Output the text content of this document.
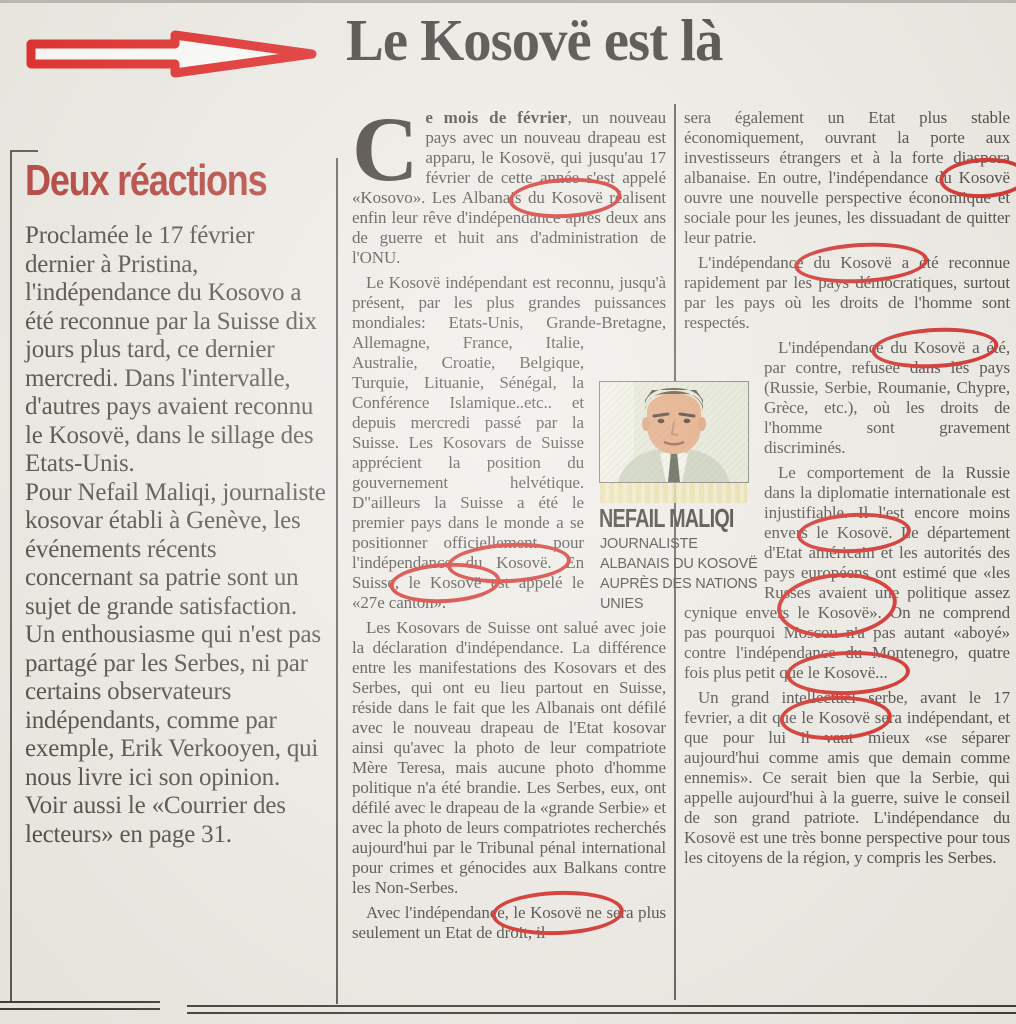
Le Kosovë est là
Deux réactions

Proclamée le 17 février dernier à Pristina, l'indépendance du Kosovo a été reconnue par la Suisse dix jours plus tard, ce dernier mercredi. Dans l'intervalle, d'autres pays avaient reconnu le Kosovë, dans le sillage des Etats-Unis.

Pour Nefail Maliqi, journaliste kosovar établi à Genève, les événements récents concernant sa patrie sont un sujet de grande satisfaction.

Un enthousiasme qui n'est pas partagé par les Serbes, ni par certains observateurs indépendants, comme par exemple, Erik Verkooyen, qui nous livre ici son opinion. Voir aussi le «Courrier des lecteurs» en page 31.

Ce mois de février, un nouveau pays avec un nouveau drapeau est apparu, le Kosovë, qui jusqu'au 17 février de cette année s'est appelé «Kosovo». Les Albanais du Kosovë réalisent enfin leur rêve d'indépendance après deux ans de guerre et huit ans d'administration de l'ONU.

Le Kosovë indépendant est reconnu, jusqu'à présent, par les plus grandes puissances mondiales: Etats-Unis, Grande-Bretagne, Allemagne, France,
Italie, Australie, Croatie, Belgique, Turquie, Lituanie, Sénégal, la Conférence Islamique..etc.. et depuis mercredi passé par la Suisse. Les Kosovars de Suisse apprécient la position du gouvernement helvétique. D"ailleurs la Suisse a été le premier pays dans le monde a se positionner officiellement pour l'indépendance du Kosovë. En Suisse, le Kosovë est appelé le «27e canton».

Les Kosovars de Suisse ont salué avec joie la déclaration d'indépendance. La différence entre les manifestations des Kosovars et des Serbes, qui ont eu lieu partout en Suisse, réside dans le fait que les Albanais ont défilé avec le nouveau drapeau de l'Etat kosovar ainsi qu'avec la photo de leur compatriote Mère Teresa, mais aucune photo d'homme politique n'a été brandie. Les Serbes, eux, ont défilé avec le drapeau de la «grande Serbie» et avec la photo de leurs compatriotes recherchés aujourd'hui par le Tribunal pénal international pour crimes et génocides aux Balkans contre les Non-Serbes.

Avec l'indépendance, le Kosovë ne sera plus seulement un Etat de droit, il

sera également un Etat plus stable économiquement, ouvrant la porte aux investisseurs étrangers et à la forte diaspora albanaise. En outre, l'indépendance du Kosovë ouvre une nouvelle perspective économique et sociale pour les jeunes, les dissuadant de quitter leur patrie.

L'indépendance du Kosovë a été reconnue rapidement par les pays démocratiques, surtout par les pays où les droits de l'homme sont respectés.

L'indépendance du Kosovë a été,
par contre, refusée dans les pays (Russie, Serbie, Roumanie, Chypre, Grèce, etc.), où les droits de l'homme sont gravement discriminés.

Le comportement de la Russie dans la diplomatie internationale est injustifiable. Il l'est encore moins envers le Kosovë. Le département d'Etat américain et les autorités des pays européens ont estimé que «les Russes avaient une politique assez cynique envers le Kosovë». On ne comprend pas pourquoi Moscou n'a pas autant «aboyé» contre l'indépendance du Montenegro, quatre fois plus petit que le Kosovë...

Un grand intellectuel serbe, avant le 17 fevrier, a dit que le Kosovë sera indépendant, et que pour lui il vaut mieux «se séparer aujourd'hui comme amis que demain comme ennemis». Ce serait bien que la Serbie, qui appelle aujourd'hui à la guerre, suive le conseil de son grand patriote. L'indépendance du Kosovë est une très bonne perspective pour tous les citoyens de la région, y compris les Serbes.

NEFAIL MALIQI
JOURNALISTE
ALBANAIS DU KOSOVË
AUPRÈS DES NATIONS
UNIES
